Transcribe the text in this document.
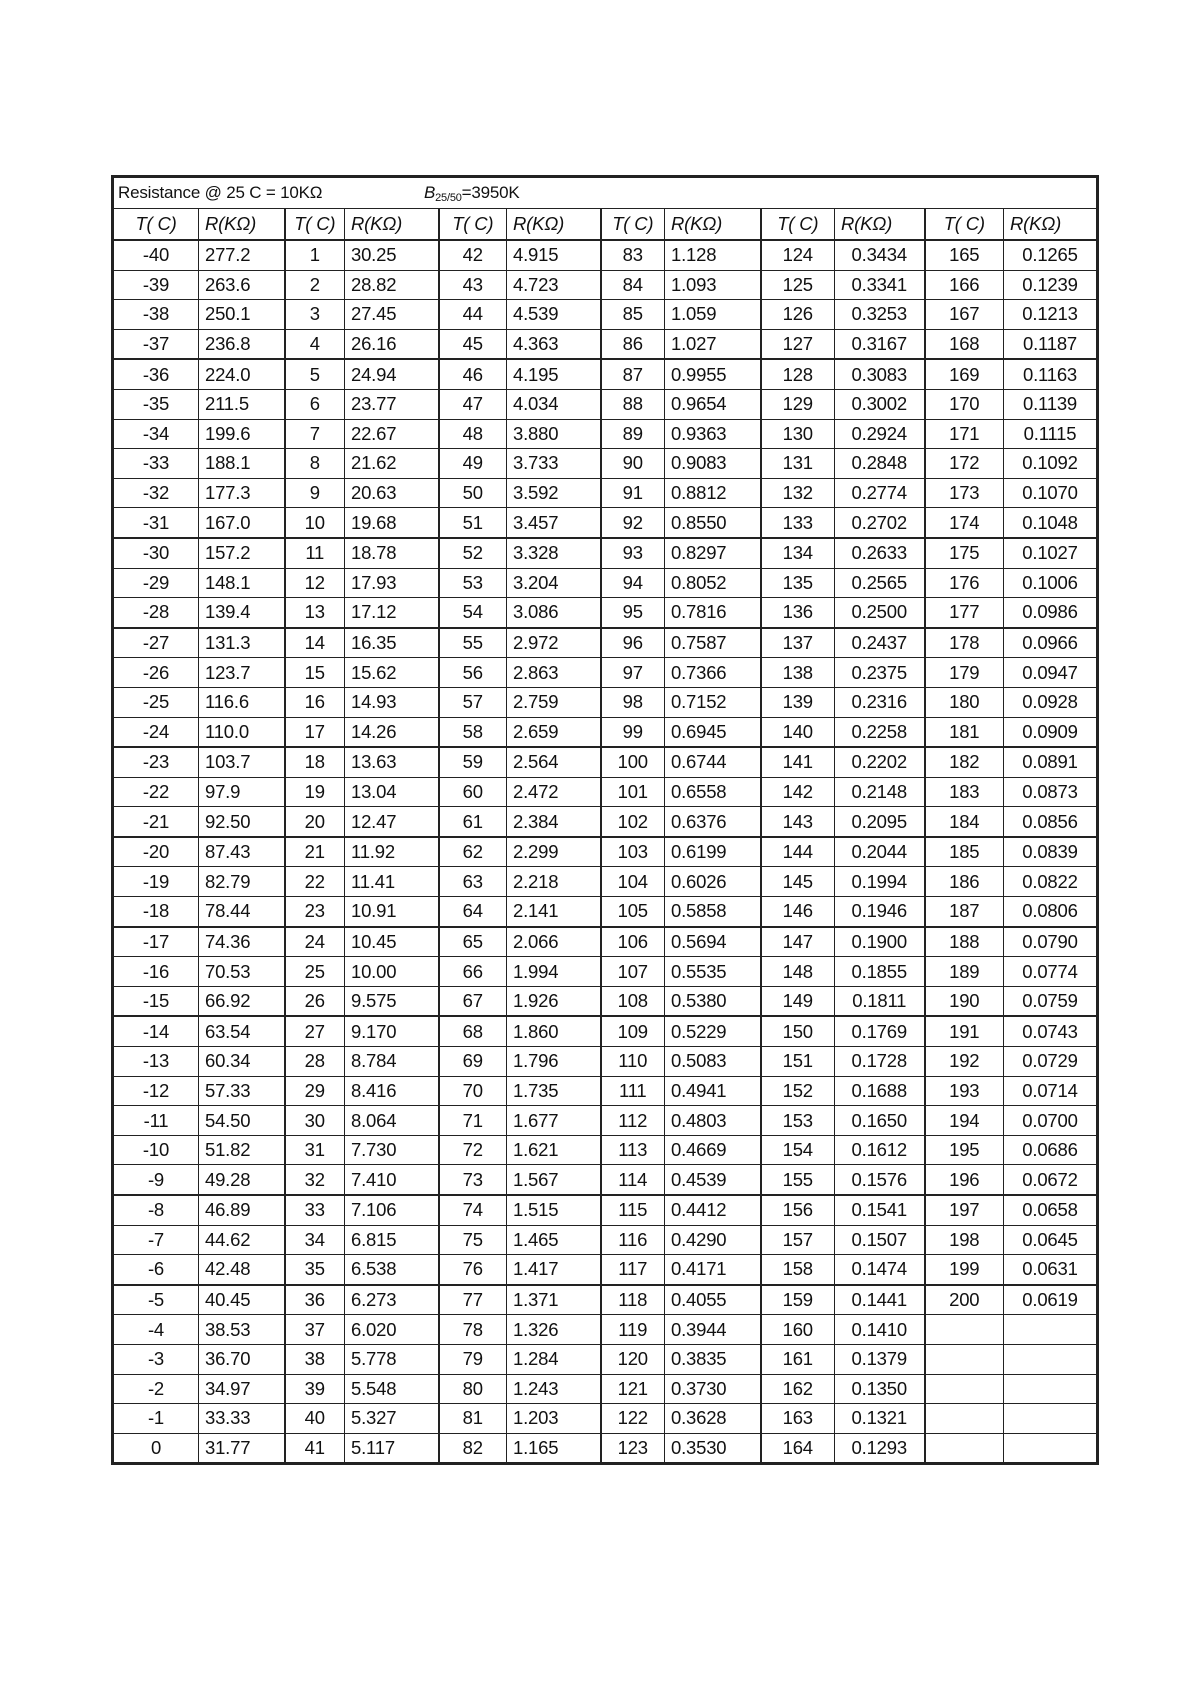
Resistance @ 25 C = 10KΩ B25/50=3950K											

T( C)	R(KΩ)	T( C)	R(KΩ)	T( C)	R(KΩ)	T( C)	R(KΩ)	T( C)	R(KΩ)	T( C)	R(KΩ)
-40	277.2	1	30.25	42	4.915	83	1.128	124	0.3434	165	0.1265
-39	263.6	2	28.82	43	4.723	84	1.093	125	0.3341	166	0.1239
-38	250.1	3	27.45	44	4.539	85	1.059	126	0.3253	167	0.1213
-37	236.8	4	26.16	45	4.363	86	1.027	127	0.3167	168	0.1187
-36	224.0	5	24.94	46	4.195	87	0.9955	128	0.3083	169	0.1163
-35	211.5	6	23.77	47	4.034	88	0.9654	129	0.3002	170	0.1139
-34	199.6	7	22.67	48	3.880	89	0.9363	130	0.2924	171	0.1115
-33	188.1	8	21.62	49	3.733	90	0.9083	131	0.2848	172	0.1092
-32	177.3	9	20.63	50	3.592	91	0.8812	132	0.2774	173	0.1070
-31	167.0	10	19.68	51	3.457	92	0.8550	133	0.2702	174	0.1048
-30	157.2	11	18.78	52	3.328	93	0.8297	134	0.2633	175	0.1027
-29	148.1	12	17.93	53	3.204	94	0.8052	135	0.2565	176	0.1006
-28	139.4	13	17.12	54	3.086	95	0.7816	136	0.2500	177	0.0986
-27	131.3	14	16.35	55	2.972	96	0.7587	137	0.2437	178	0.0966
-26	123.7	15	15.62	56	2.863	97	0.7366	138	0.2375	179	0.0947
-25	116.6	16	14.93	57	2.759	98	0.7152	139	0.2316	180	0.0928
-24	110.0	17	14.26	58	2.659	99	0.6945	140	0.2258	181	0.0909
-23	103.7	18	13.63	59	2.564	100	0.6744	141	0.2202	182	0.0891
-22	97.9	19	13.04	60	2.472	101	0.6558	142	0.2148	183	0.0873
-21	92.50	20	12.47	61	2.384	102	0.6376	143	0.2095	184	0.0856
-20	87.43	21	11.92	62	2.299	103	0.6199	144	0.2044	185	0.0839
-19	82.79	22	11.41	63	2.218	104	0.6026	145	0.1994	186	0.0822
-18	78.44	23	10.91	64	2.141	105	0.5858	146	0.1946	187	0.0806
-17	74.36	24	10.45	65	2.066	106	0.5694	147	0.1900	188	0.0790
-16	70.53	25	10.00	66	1.994	107	0.5535	148	0.1855	189	0.0774
-15	66.92	26	9.575	67	1.926	108	0.5380	149	0.1811	190	0.0759
-14	63.54	27	9.170	68	1.860	109	0.5229	150	0.1769	191	0.0743
-13	60.34	28	8.784	69	1.796	110	0.5083	151	0.1728	192	0.0729
-12	57.33	29	8.416	70	1.735	111	0.4941	152	0.1688	193	0.0714
-11	54.50	30	8.064	71	1.677	112	0.4803	153	0.1650	194	0.0700
-10	51.82	31	7.730	72	1.621	113	0.4669	154	0.1612	195	0.0686
-9	49.28	32	7.410	73	1.567	114	0.4539	155	0.1576	196	0.0672
-8	46.89	33	7.106	74	1.515	115	0.4412	156	0.1541	197	0.0658
-7	44.62	34	6.815	75	1.465	116	0.4290	157	0.1507	198	0.0645
-6	42.48	35	6.538	76	1.417	117	0.4171	158	0.1474	199	0.0631
-5	40.45	36	6.273	77	1.371	118	0.4055	159	0.1441	200	0.0619
-4	38.53	37	6.020	78	1.326	119	0.3944	160	0.1410		
-3	36.70	38	5.778	79	1.284	120	0.3835	161	0.1379		
-2	34.97	39	5.548	80	1.243	121	0.3730	162	0.1350		
-1	33.33	40	5.327	81	1.203	122	0.3628	163	0.1321		
0	31.77	41	5.117	82	1.165	123	0.3530	164	0.1293		
